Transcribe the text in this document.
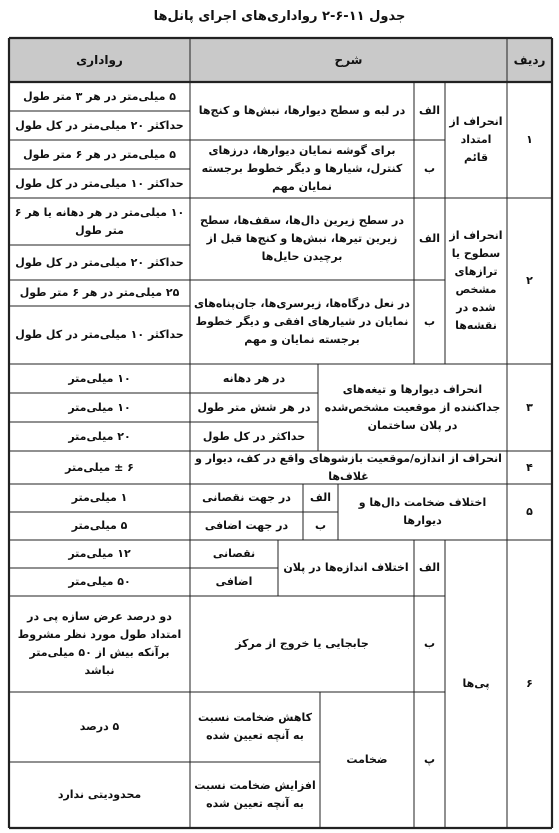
جدول ۱۱-۶-۲ رواداری‌های اجرای پانل‌ها
ردیف
شرح
رواداری
۱
انحراف از امتداد قائم
الف
در لبه و سطح دیوارها، نبش‌ها و کنج‌ها
۵ میلی‌متر در هر ۳ متر طول
حداکثر ۲۰ میلی‌متر در کل طول
ب
برای گوشه نمایان دیوارها، درزهای کنترل، شیارها و دیگر خطوط برجسته نمایان مهم
۵ میلی‌متر در هر ۶ متر طول
حداکثر ۱۰ میلی‌متر در کل طول
۲
انحراف از سطوح یا ترازهای مشخص شده در نقشه‌ها
الف
در سطح زیرین دال‌ها، سقف‌ها، سطح زیرین تیرها، نبش‌ها و کنج‌ها قبل از برچیدن حایل‌ها
۱۰ میلی‌متر در هر دهانه یا هر ۶ متر طول
حداکثر ۲۰ میلی‌متر در کل طول
ب
در نعل درگاه‌ها، زیرسری‌ها، جان‌پناه‌های نمایان در شیارهای افقی و دیگر خطوط برجسته نمایان و مهم
۲۵ میلی‌متر در هر ۶ متر طول
حداکثر ۱۰ میلی‌متر در کل طول
۳
انحراف دیوارها و تیغه‌های جداکننده از موقعیت مشخص‌شده در پلان ساختمان
در هر دهانه
۱۰ میلی‌متر
در هر شش متر طول
۱۰ میلی‌متر
حداکثر در کل طول
۲۰ میلی‌متر
۴
انحراف از اندازه/موقعیت بازشوهای واقع در کف، دیوار و غلاف‌ها
۶ ± میلی‌متر
۵
اختلاف ضخامت دال‌ها و دیوارها
الف
در جهت نقصانی
۱ میلی‌متر
ب
در جهت اضافی
۵ میلی‌متر
۶
پی‌ها
الف
اختلاف اندازه‌ها در پلان
نقصانی
۱۲ میلی‌متر
اضافی
۵۰ میلی‌متر
ب
جابجایی یا خروج از مرکز
دو درصد عرض سازه پی در امتداد طول مورد نظر مشروط برآنکه بیش از ۵۰ میلی‌متر نباشد
پ
ضخامت
کاهش ضخامت نسبت به آنچه تعیین شده
۵ درصد
افزایش ضخامت نسبت به آنچه تعیین شده
محدودیتی ندارد
